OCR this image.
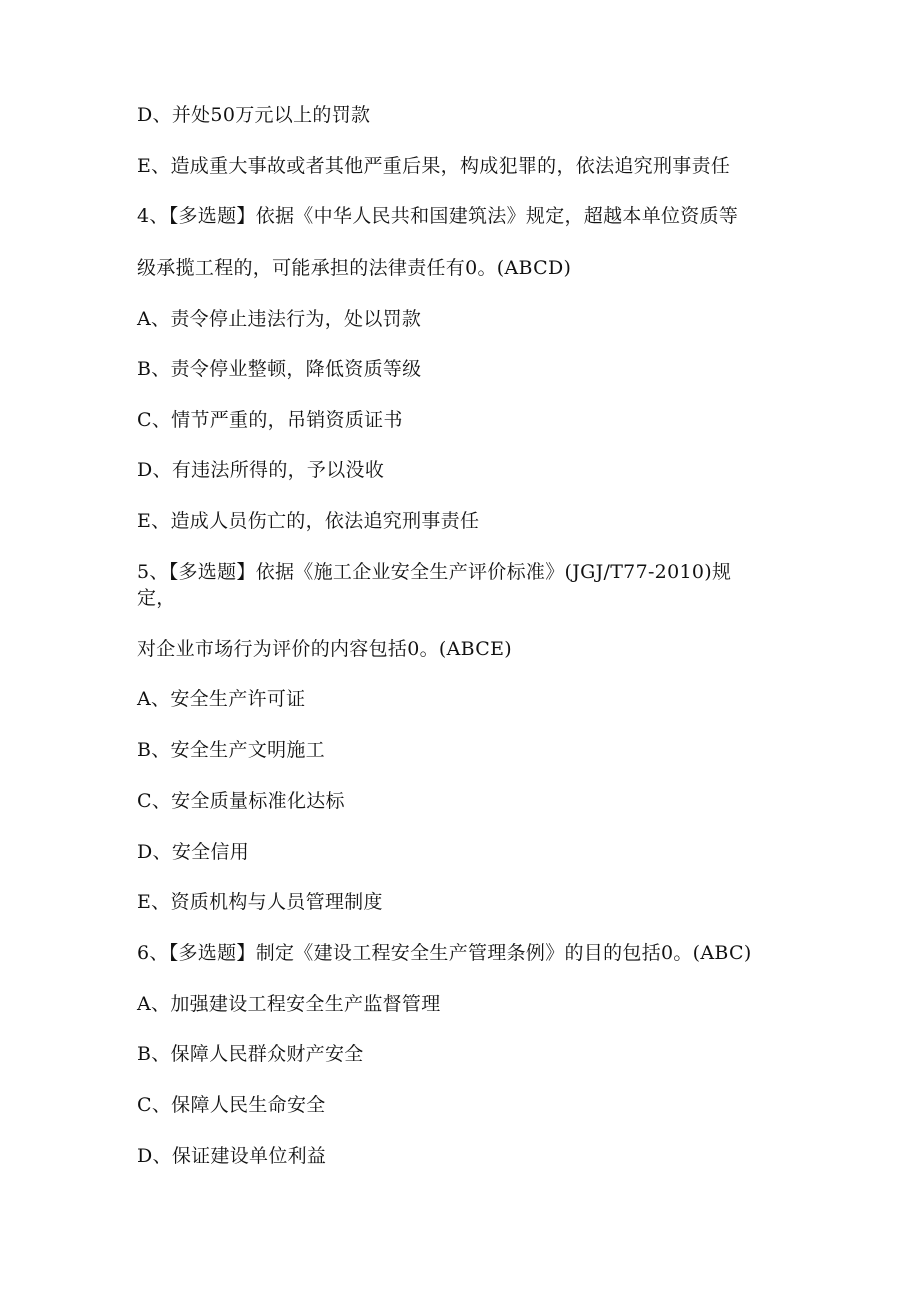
D、并处50万元以上的罚款
E、造成重大事故或者其他严重后果，构成犯罪的，依法追究刑事责任
4、【多选题】依据《中华人民共和国建筑法》规定，超越本单位资质等
级承揽工程的，可能承担的法律责任有0。(ABCD)
A、责令停止违法行为，处以罚款
B、责令停业整顿，降低资质等级
C、情节严重的，吊销资质证书
D、有违法所得的，予以没收
E、造成人员伤亡的，依法追究刑事责任
5、【多选题】依据《施工企业安全生产评价标准》(JGJ/T77-2010)规
定，
对企业市场行为评价的内容包括0。(ABCE)
A、安全生产许可证
B、安全生产文明施工
C、安全质量标准化达标
D、安全信用
E、资质机构与人员管理制度
6、【多选题】制定《建设工程安全生产管理条例》的目的包括0。(ABC)
A、加强建设工程安全生产监督管理
B、保障人民群众财产安全
C、保障人民生命安全
D、保证建设单位利益
